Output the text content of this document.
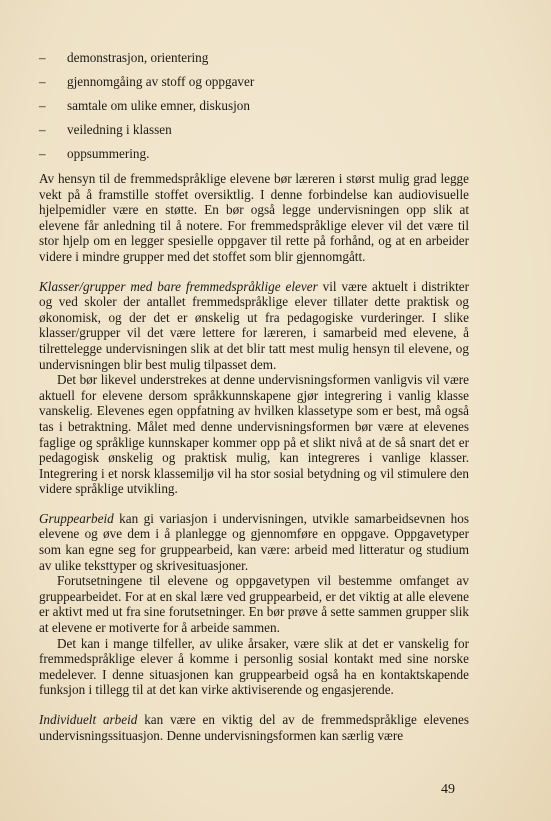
–	demonstrasjon, orientering
–	gjennomgåing av stoff og oppgaver
–	samtale om ulike emner, diskusjon
–	veiledning i klassen
–	oppsummering.

Av hensyn til de fremmedspråklige elevene bør læreren i størst mulig grad legge vekt på å framstille stoffet oversiktlig. I denne forbindelse kan audiovisuelle hjelpemidler være en støtte. En bør også legge undervisningen opp slik at elevene får anledning til å notere. For fremmedspråklige elever vil det være til stor hjelp om en legger spesielle oppgaver til rette på forhånd, og at en arbeider videre i mindre grupper med det stoffet som blir gjennomgått.

Klasser/grupper med bare fremmedspråklige elever vil være aktuelt i distrikter og ved skoler der antallet fremmedspråklige elever tillater dette praktisk og økonomisk, og der det er ønskelig ut fra pedagogiske vurderinger. I slike klasser/grupper vil det være lettere for læreren, i samarbeid med elevene, å tilrettelegge undervisningen slik at det blir tatt mest mulig hensyn til elevene, og undervisningen blir best mulig tilpasset dem.

Det bør likevel understrekes at denne undervisningsformen vanligvis vil være aktuell for elevene dersom språkkunnskapene gjør integrering i vanlig klasse vanskelig. Elevenes egen oppfatning av hvilken klassetype som er best, må også tas i betraktning. Målet med denne undervisningsformen bør være at elevenes faglige og språklige kunnskaper kommer opp på et slikt nivå at de så snart det er pedagogisk ønskelig og praktisk mulig, kan integreres i vanlige klasser. Integrering i et norsk klassemiljø vil ha stor sosial betydning og vil stimulere den videre språklige utvikling.

Gruppearbeid kan gi variasjon i undervisningen, utvikle samarbeidsevnen hos elevene og øve dem i å planlegge og gjennomføre en oppgave. Oppgavetyper som kan egne seg for gruppearbeid, kan være: arbeid med litteratur og studium av ulike teksttyper og skrivesituasjoner.

Forutsetningene til elevene og oppgavetypen vil bestemme omfanget av gruppearbeidet. For at en skal lære ved gruppearbeid, er det viktig at alle elevene er aktivt med ut fra sine forutsetninger. En bør prøve å sette sammen grupper slik at elevene er motiverte for å arbeide sammen.

Det kan i mange tilfeller, av ulike årsaker, være slik at det er vanskelig for fremmedspråklige elever å komme i personlig sosial kontakt med sine norske medelever. I denne situasjonen kan gruppearbeid også ha en kontaktskapende funksjon i tillegg til at det kan virke aktiviserende og engasjerende.

Individuelt arbeid kan være en viktig del av de fremmedspråklige elevenes undervisningssituasjon. Denne undervisningsformen kan særlig være

49
